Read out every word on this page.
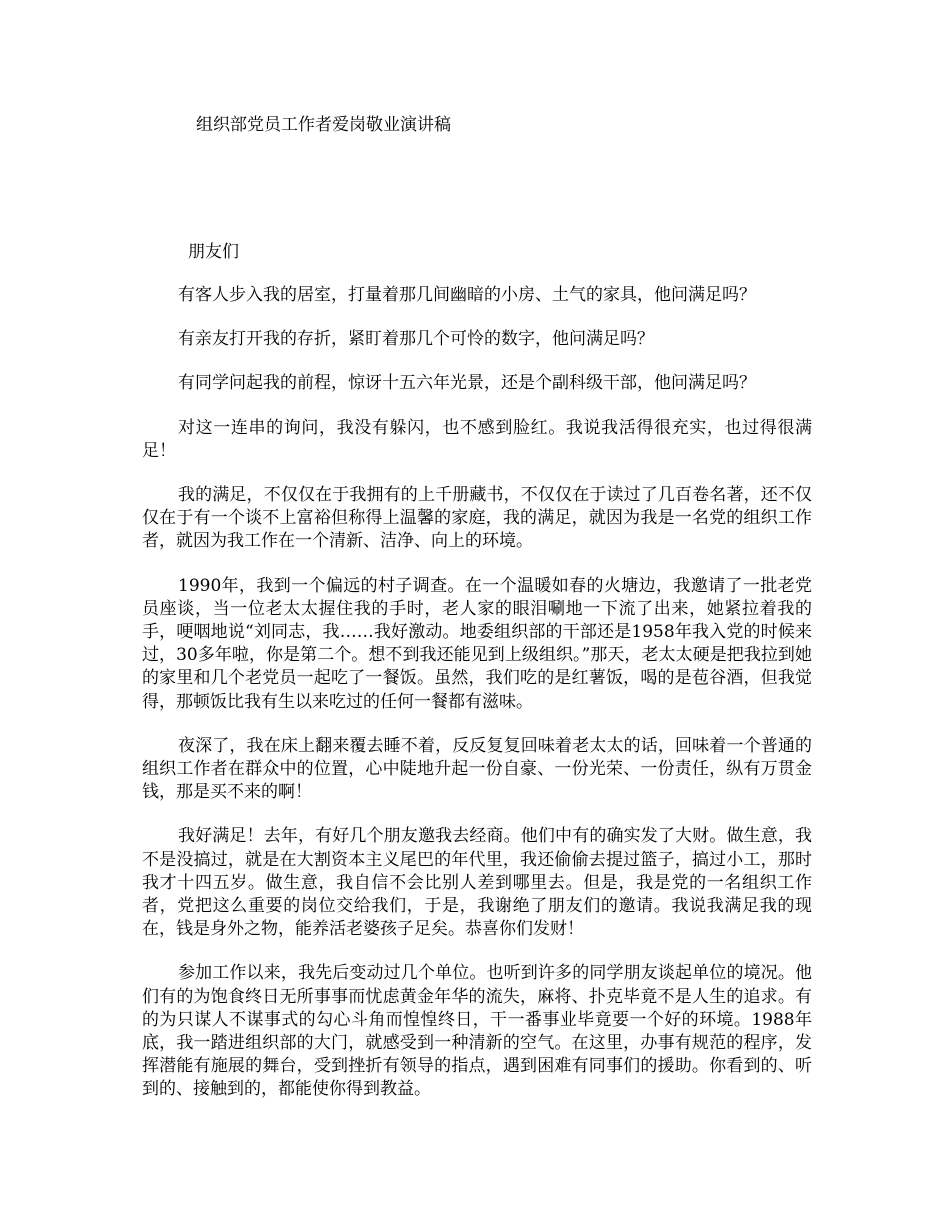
组织部党员工作者爱岗敬业演讲稿
朋友们

有客人步入我的居室，打量着那几间幽暗的小房、土气的家具，他问满足吗？

有亲友打开我的存折，紧盯着那几个可怜的数字，他问满足吗？

有同学问起我的前程，惊讶十五六年光景，还是个副科级干部，他问满足吗？

对这一连串的询问，我没有躲闪，也不感到脸红。我说我活得很充实，也过得很满足！

我的满足，不仅仅在于我拥有的上千册藏书，不仅仅在于读过了几百卷名著，还不仅仅在于有一个谈不上富裕但称得上温馨的家庭，我的满足，就因为我是一名党的组织工作者，就因为我工作在一个清新、洁净、向上的环境。

1990年，我到一个偏远的村子调查。在一个温暖如春的火塘边，我邀请了一批老党员座谈，当一位老太太握住我的手时，老人家的眼泪唰地一下流了出来，她紧拉着我的手，哽咽地说“刘同志，我……我好激动。地委组织部的干部还是1958年我入党的时候来过，30多年啦，你是第二个。想不到我还能见到上级组织。”那天，老太太硬是把我拉到她的家里和几个老党员一起吃了一餐饭。虽然，我们吃的是红薯饭，喝的是苞谷酒，但我觉得，那顿饭比我有生以来吃过的任何一餐都有滋味。

夜深了，我在床上翻来覆去睡不着，反反复复回味着老太太的话，回味着一个普通的组织工作者在群众中的位置，心中陡地升起一份自豪、一份光荣、一份责任，纵有万贯金钱，那是买不来的啊！

我好满足！去年，有好几个朋友邀我去经商。他们中有的确实发了大财。做生意，我不是没搞过，就是在大割资本主义尾巴的年代里，我还偷偷去提过篮子，搞过小工，那时我才十四五岁。做生意，我自信不会比别人差到哪里去。但是，我是党的一名组织工作者，党把这么重要的岗位交给我们，于是，我谢绝了朋友们的邀请。我说我满足我的现在，钱是身外之物，能养活老婆孩子足矣。恭喜你们发财！

参加工作以来，我先后变动过几个单位。也听到许多的同学朋友谈起单位的境况。他们有的为饱食终日无所事事而忧虑黄金年华的流失，麻将、扑克毕竟不是人生的追求。有的为只谋人不谋事式的勾心斗角而惶惶终日，干一番事业毕竟要一个好的环境。1988年底，我一踏进组织部的大门，就感受到一种清新的空气。在这里，办事有规范的程序，发挥潜能有施展的舞台，受到挫折有领导的指点，遇到困难有同事们的援助。你看到的、听到的、接触到的，都能使你得到教益。
